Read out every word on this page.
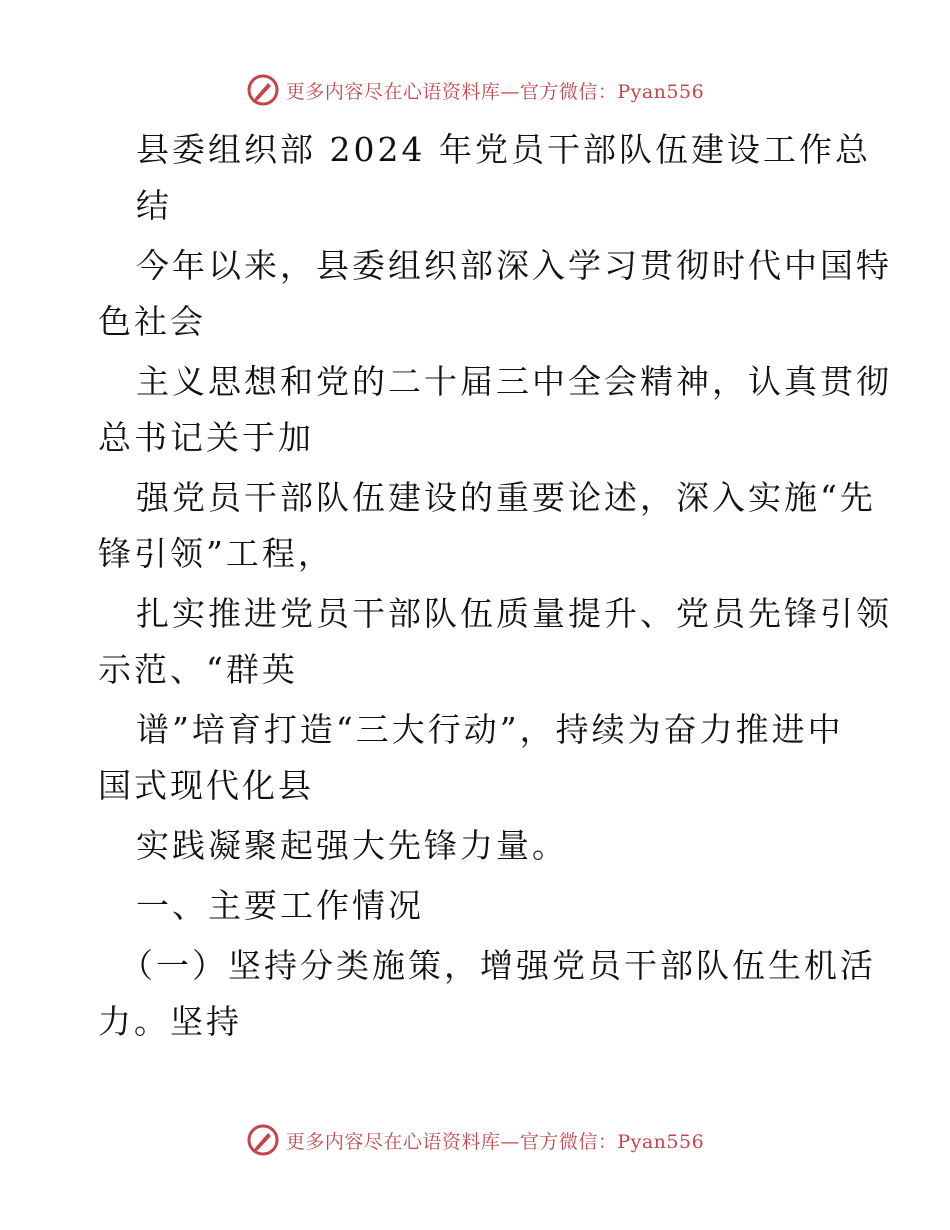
更多内容尽在心语资料库—官方微信：Pyan556
县委组织部 2024 年党员干部队伍建设工作总
结
今年以来，县委组织部深入学习贯彻时代中国特
色社会
主义思想和党的二十届三中全会精神，认真贯彻
总书记关于加
强党员干部队伍建设的重要论述，深入实施“先
锋引领”工程，
扎实推进党员干部队伍质量提升、党员先锋引领
示范、“群英
谱”培育打造“三大行动”，持续为奋力推进中
国式现代化县
实践凝聚起强大先锋力量。
一、主要工作情况
（一）坚持分类施策，增强党员干部队伍生机活
力。坚持
更多内容尽在心语资料库—官方微信：Pyan556
